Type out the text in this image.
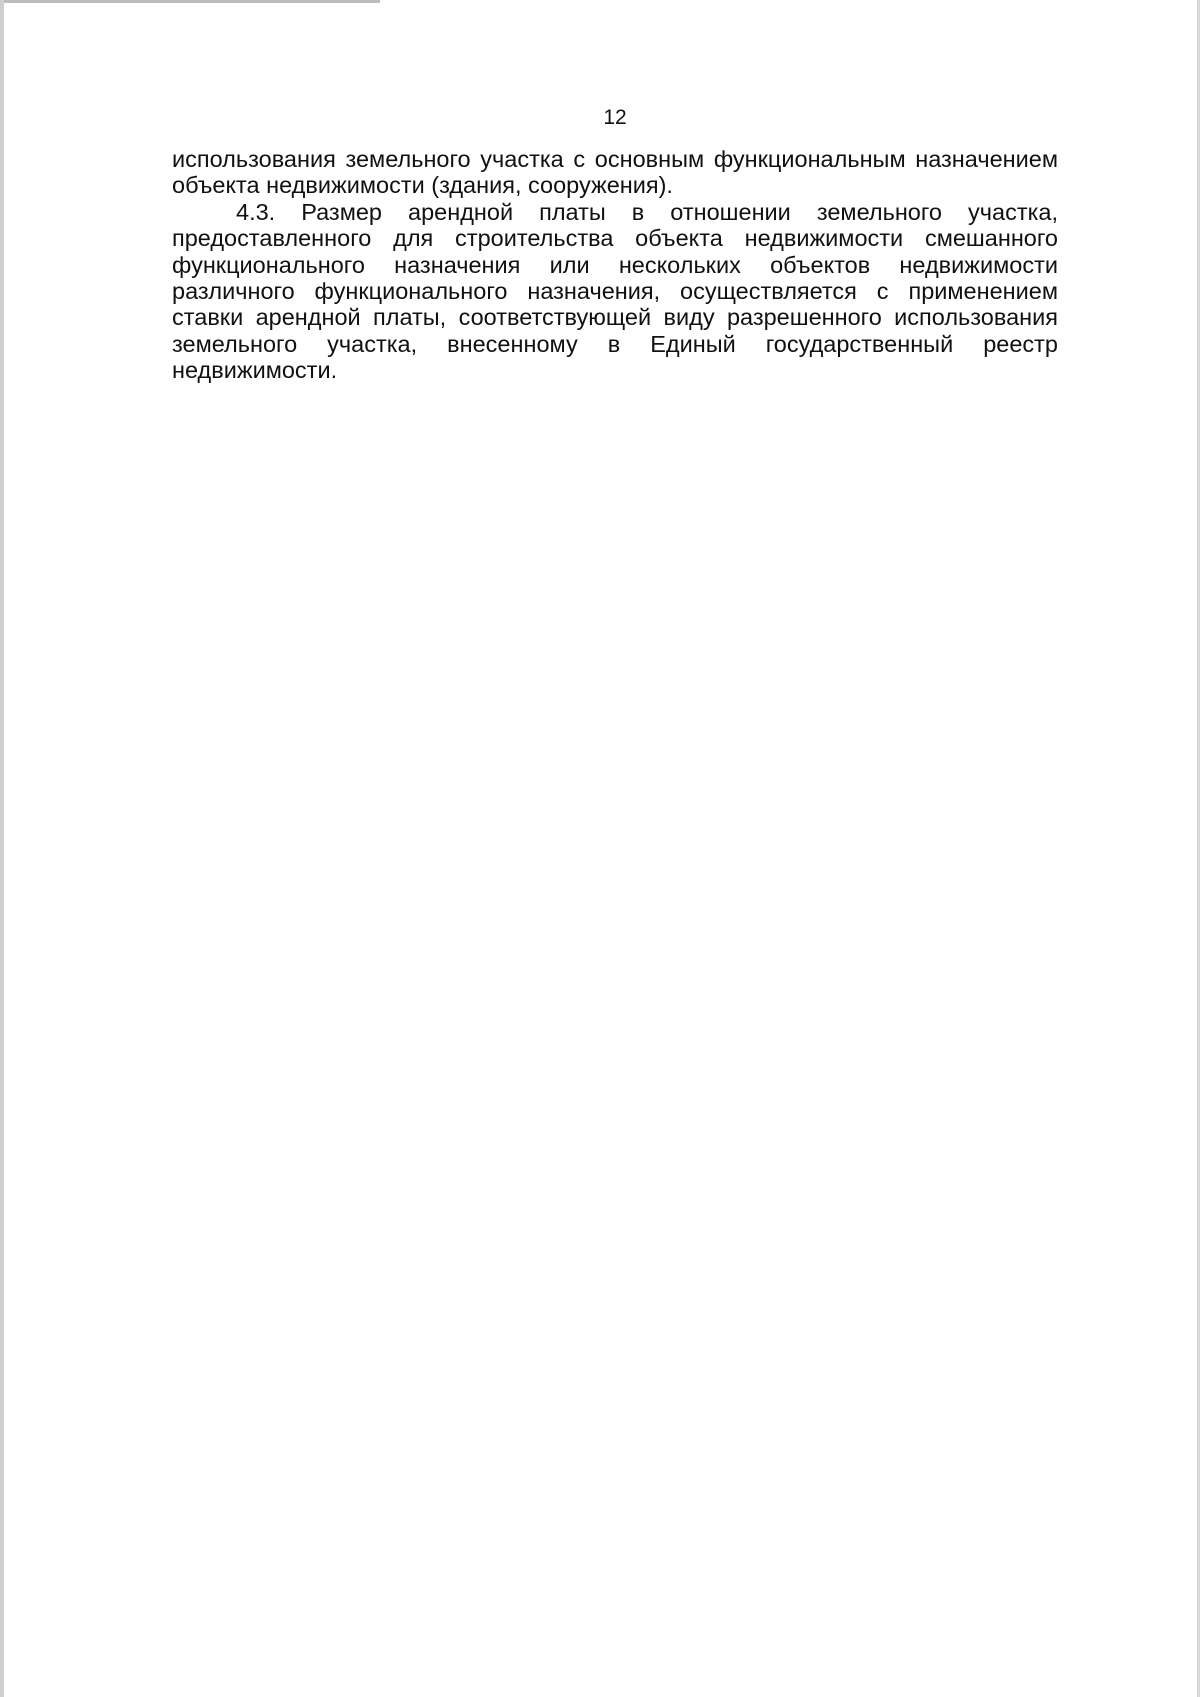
12
использования земельного участка с основным функциональным назначением
объекта недвижимости (здания, сооружения).
4.3. Размер арендной платы в отношении земельного участка,
предоставленного для строительства объекта недвижимости смешанного
функционального назначения или нескольких объектов недвижимости
различного функционального назначения, осуществляется с применением
ставки арендной платы, соответствующей виду разрешенного использования
земельного участка, внесенному в Единый государственный реестр
недвижимости.
